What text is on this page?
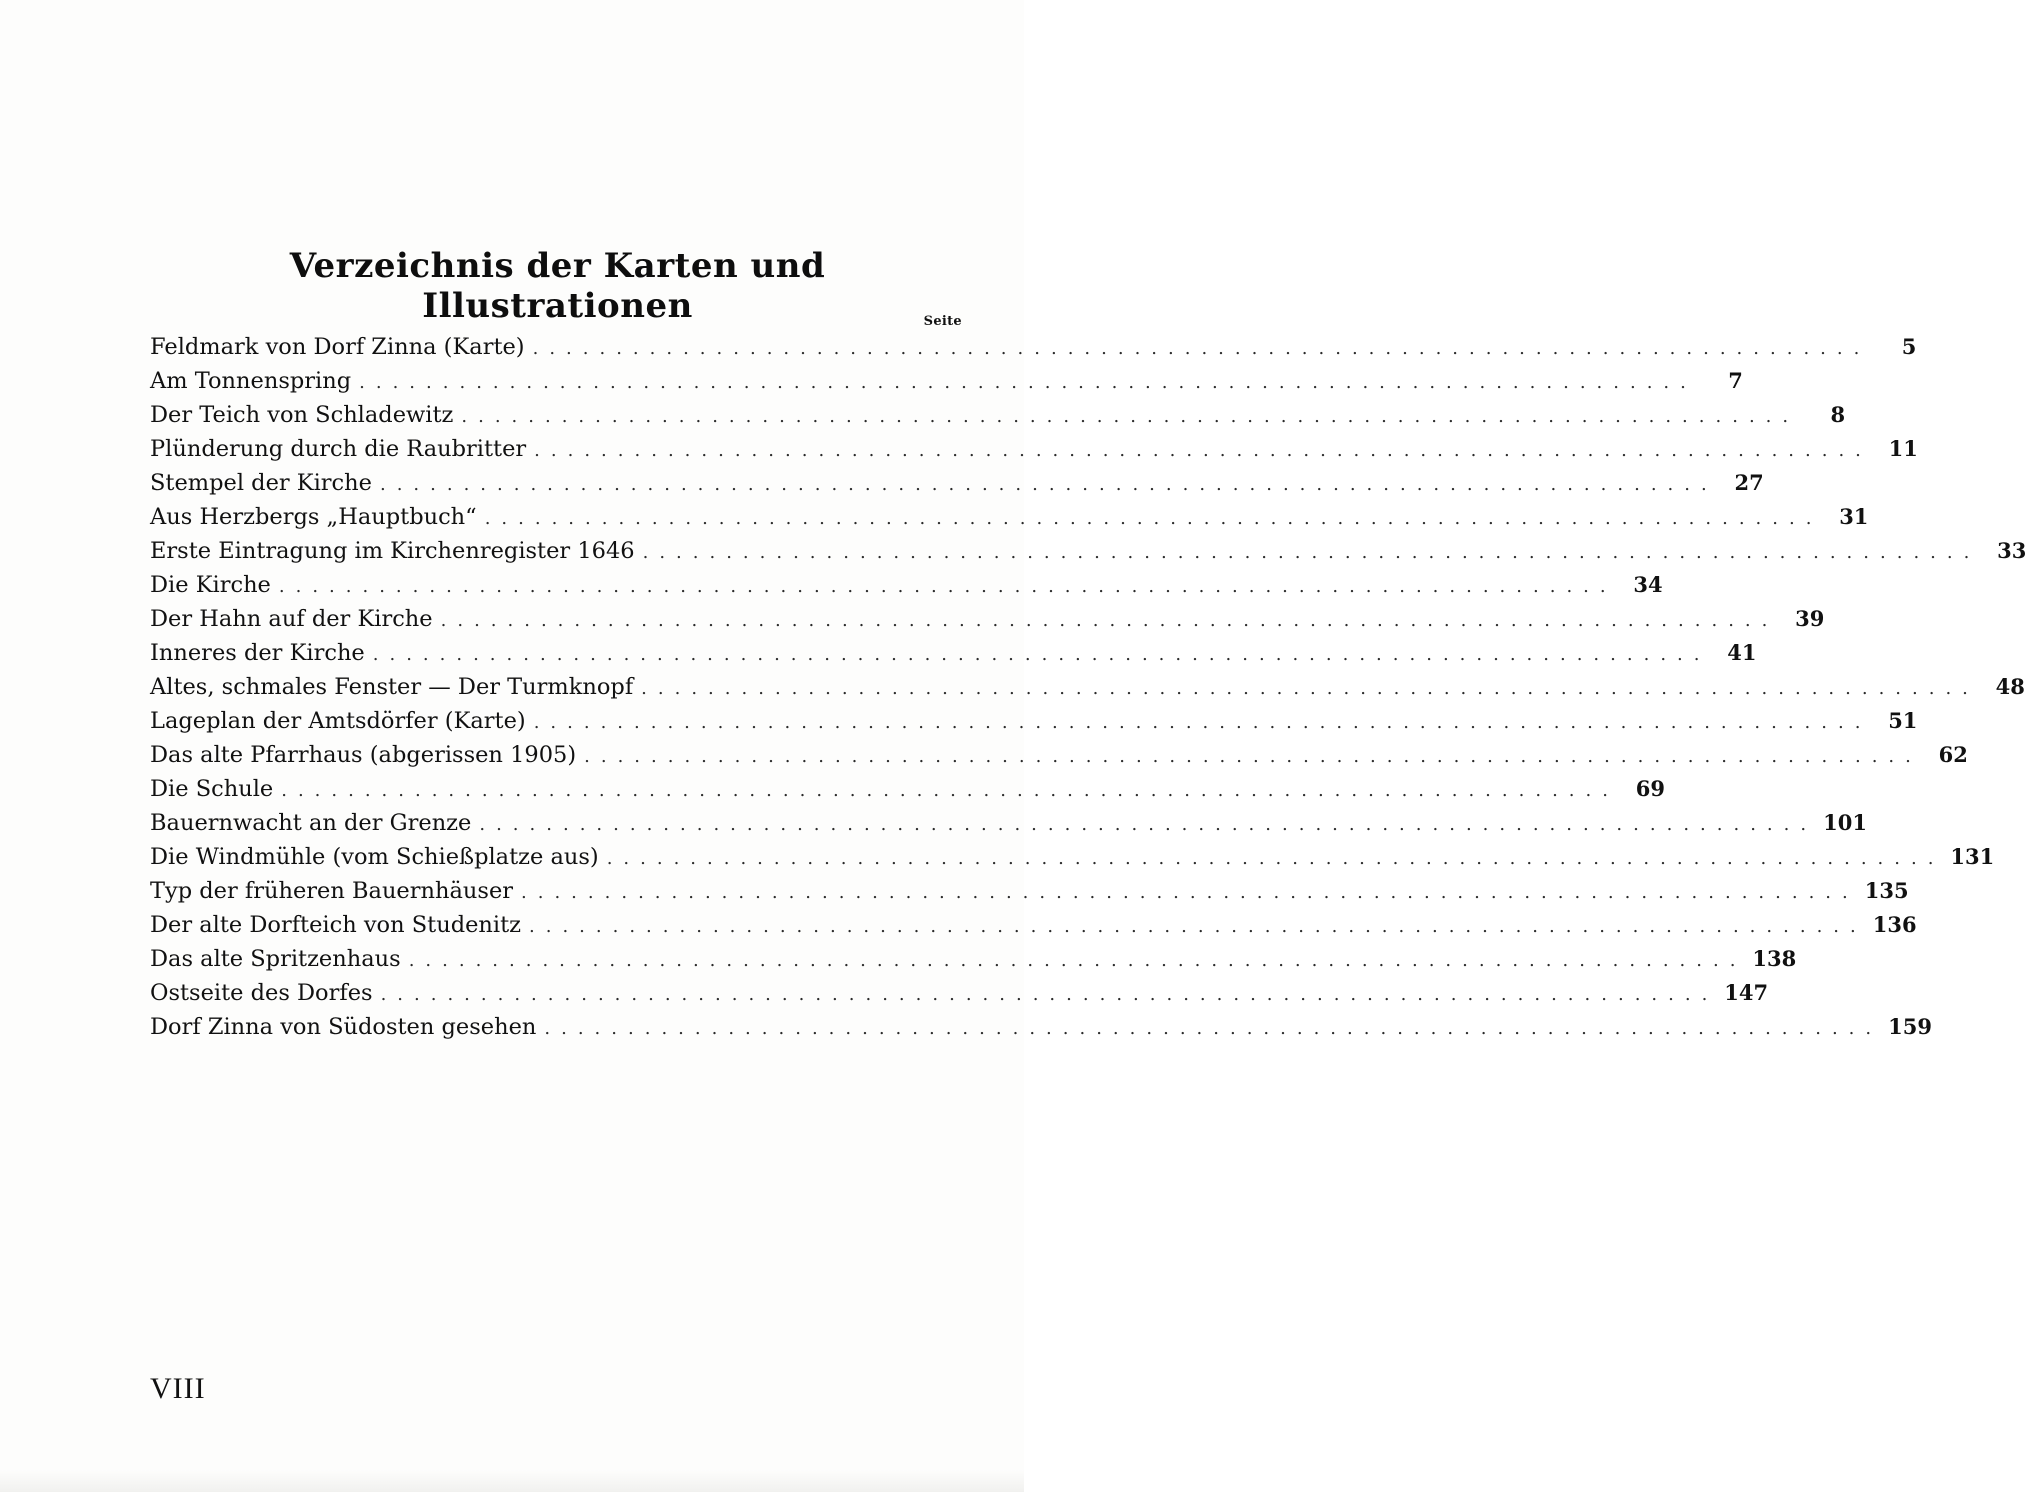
Verzeichnis der Karten und Illustrationen	Seite
Feldmark von Dorf Zinna (Karte) ................................................................................	5
Am Tonnenspring ................................................................................	7
Der Teich von Schladewitz ................................................................................	8
Plünderung durch die Raubritter ................................................................................ 11
Stempel der Kirche ................................................................................ 27
Aus Herzbergs „Hauptbuch“ ................................................................................ 31
Erste Eintragung im Kirchenregister 1646 ................................................................................ 33
Die Kirche ................................................................................ 34
Der Hahn auf der Kirche ................................................................................ 39
Inneres der Kirche ................................................................................ 41
Altes, schmales Fenster — Der Turmknopf ................................................................................ 48
Lageplan der Amtsdörfer (Karte) ................................................................................ 51
Das alte Pfarrhaus (abgerissen 1905) ................................................................................ 62
Die Schule ................................................................................ 69
Bauernwacht an der Grenze ................................................................................ 101
Die Windmühle (vom Schießplatze aus) ................................................................................ 131
Typ der früheren Bauernhäuser ................................................................................ 135
Der alte Dorfteich von Studenitz ................................................................................ 136
Das alte Spritzenhaus ................................................................................ 138
Ostseite des Dorfes ................................................................................ 147
Dorf Zinna von Südosten gesehen ................................................................................ 159
VIII
